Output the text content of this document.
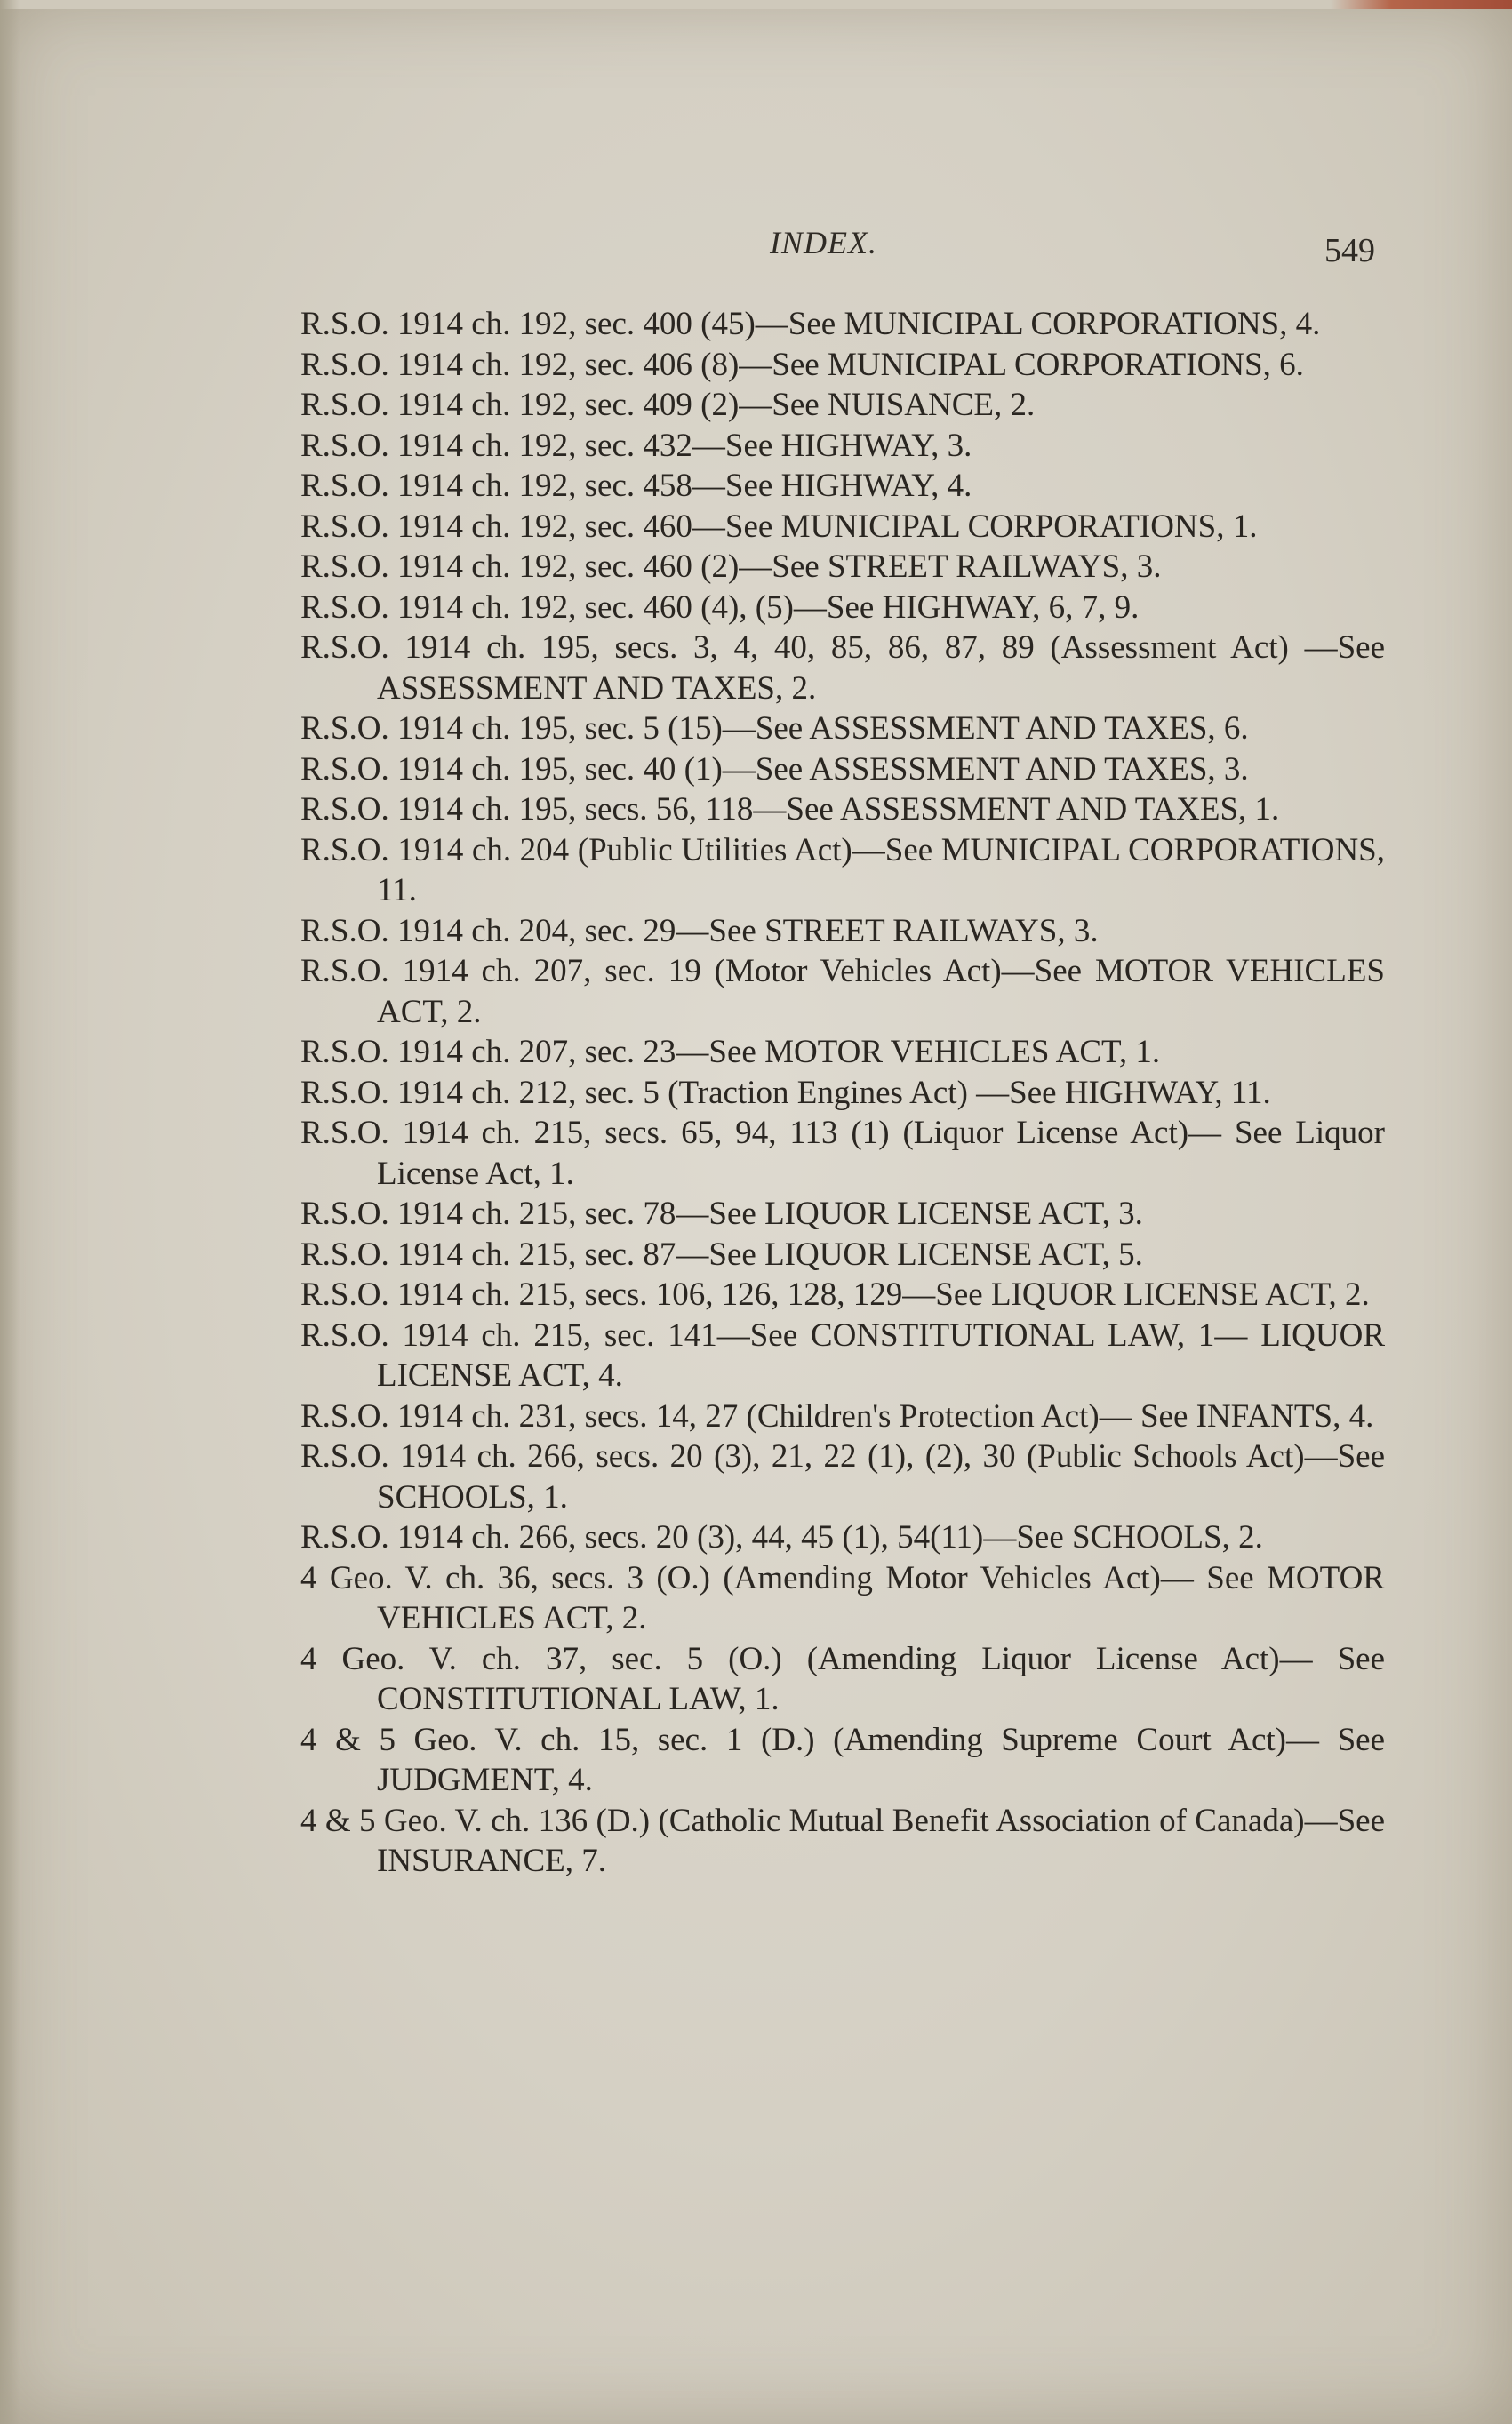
INDEX.	549
R.S.O. 1914 ch. 192, sec. 400 (45)—See MUNICIPAL CORPORATIONS, 4.
R.S.O. 1914 ch. 192, sec. 406 (8)—See MUNICIPAL CORPORATIONS, 6.
R.S.O. 1914 ch. 192, sec. 409 (2)—See NUISANCE, 2.
R.S.O. 1914 ch. 192, sec. 432—See HIGHWAY, 3.
R.S.O. 1914 ch. 192, sec. 458—See HIGHWAY, 4.
R.S.O. 1914 ch. 192, sec. 460—See MUNICIPAL CORPORATIONS, 1.
R.S.O. 1914 ch. 192, sec. 460 (2)—See STREET RAILWAYS, 3.
R.S.O. 1914 ch. 192, sec. 460 (4), (5)—See HIGHWAY, 6, 7, 9.
R.S.O. 1914 ch. 195, secs. 3, 4, 40, 85, 86, 87, 89 (Assessment Act) —See ASSESSMENT AND TAXES, 2.
R.S.O. 1914 ch. 195, sec. 5 (15)—See ASSESSMENT AND TAXES, 6.
R.S.O. 1914 ch. 195, sec. 40 (1)—See ASSESSMENT AND TAXES, 3.
R.S.O. 1914 ch. 195, secs. 56, 118—See ASSESSMENT AND TAXES, 1.
R.S.O. 1914 ch. 204 (Public Utilities Act)—See MUNICIPAL CORPORATIONS, 11.
R.S.O. 1914 ch. 204, sec. 29—See STREET RAILWAYS, 3.
R.S.O. 1914 ch. 207, sec. 19 (Motor Vehicles Act)—See MOTOR VEHICLES ACT, 2.
R.S.O. 1914 ch. 207, sec. 23—See MOTOR VEHICLES ACT, 1.
R.S.O. 1914 ch. 212, sec. 5 (Traction Engines Act) —See HIGHWAY, 11.
R.S.O. 1914 ch. 215, secs. 65, 94, 113 (1) (Liquor License Act)— See Liquor License Act, 1.
R.S.O. 1914 ch. 215, sec. 78—See LIQUOR LICENSE ACT, 3.
R.S.O. 1914 ch. 215, sec. 87—See LIQUOR LICENSE ACT, 5.
R.S.O. 1914 ch. 215, secs. 106, 126, 128, 129—See LIQUOR LICENSE ACT, 2.
R.S.O. 1914 ch. 215, sec. 141—See CONSTITUTIONAL LAW, 1— LIQUOR LICENSE ACT, 4.
R.S.O. 1914 ch. 231, secs. 14, 27 (Children's Protection Act)— See INFANTS, 4.
R.S.O. 1914 ch. 266, secs. 20 (3), 21, 22 (1), (2), 30 (Public Schools Act)—See SCHOOLS, 1.
R.S.O. 1914 ch. 266, secs. 20 (3), 44, 45 (1), 54(11)—See SCHOOLS, 2.
4 Geo. V. ch. 36, secs. 3 (O.) (Amending Motor Vehicles Act)— See MOTOR VEHICLES ACT, 2.
4 Geo. V. ch. 37, sec. 5 (O.) (Amending Liquor License Act)— See CONSTITUTIONAL LAW, 1.
4 & 5 Geo. V. ch. 15, sec. 1 (D.) (Amending Supreme Court Act)— See JUDGMENT, 4.
4 & 5 Geo. V. ch. 136 (D.) (Catholic Mutual Benefit Association of Canada)—See INSURANCE, 7.
